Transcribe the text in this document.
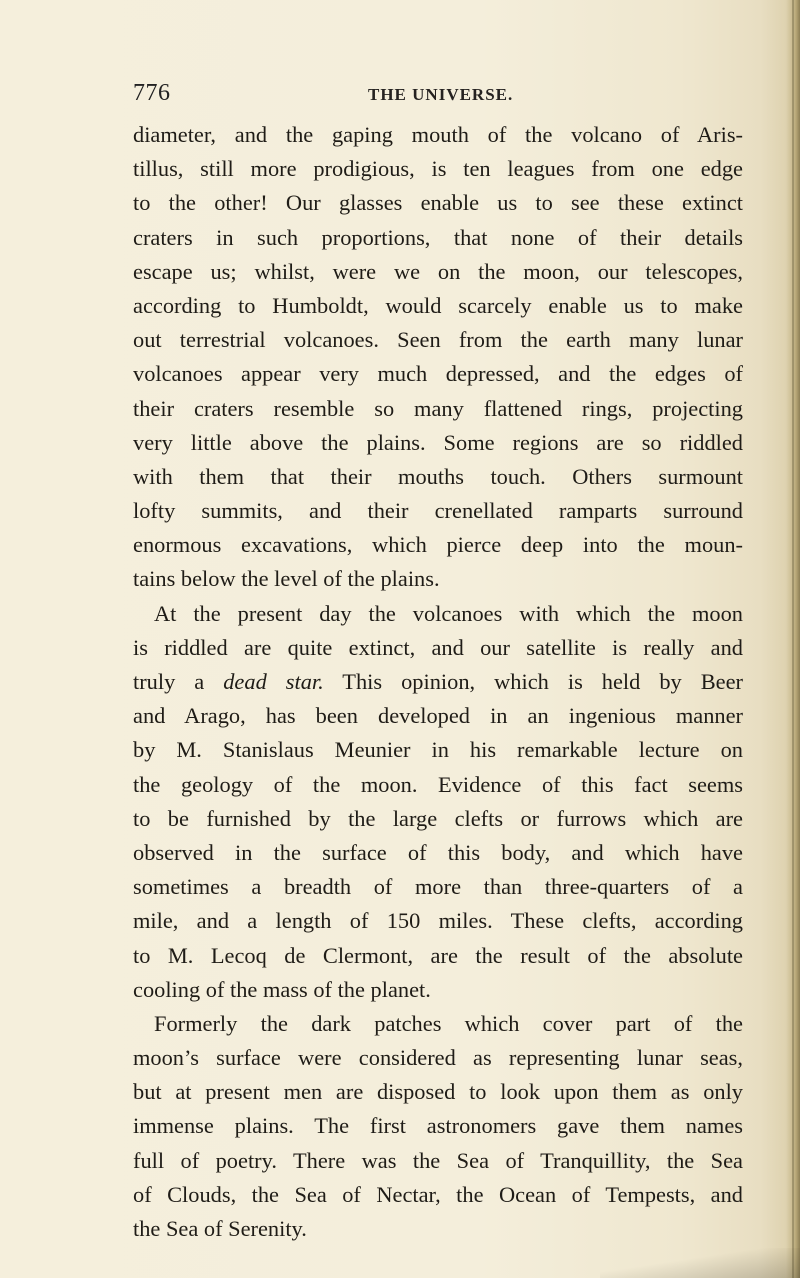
776	THE UNIVERSE.
diameter, and the gaping mouth of the volcano of Aris-
tillus, still more prodigious, is ten leagues from one edge
to the other! Our glasses enable us to see these extinct
craters in such proportions, that none of their details
escape us; whilst, were we on the moon, our telescopes,
according to Humboldt, would scarcely enable us to make
out terrestrial volcanoes. Seen from the earth many lunar
volcanoes appear very much depressed, and the edges of
their craters resemble so many flattened rings, projecting
very little above the plains. Some regions are so riddled
with them that their mouths touch. Others surmount
lofty summits, and their crenellated ramparts surround
enormous excavations, which pierce deep into the moun-
tains below the level of the plains.
At the present day the volcanoes with which the moon
is riddled are quite extinct, and our satellite is really and
truly a dead star. This opinion, which is held by Beer
and Arago, has been developed in an ingenious manner
by M. Stanislaus Meunier in his remarkable lecture on
the geology of the moon. Evidence of this fact seems
to be furnished by the large clefts or furrows which are
observed in the surface of this body, and which have
sometimes a breadth of more than three-quarters of a
mile, and a length of 150 miles. These clefts, according
to M. Lecoq de Clermont, are the result of the absolute
cooling of the mass of the planet.
Formerly the dark patches which cover part of the
moon’s surface were considered as representing lunar seas,
but at present men are disposed to look upon them as only
immense plains. The first astronomers gave them names
full of poetry. There was the Sea of Tranquillity, the Sea
of Clouds, the Sea of Nectar, the Ocean of Tempests, and
the Sea of Serenity.
